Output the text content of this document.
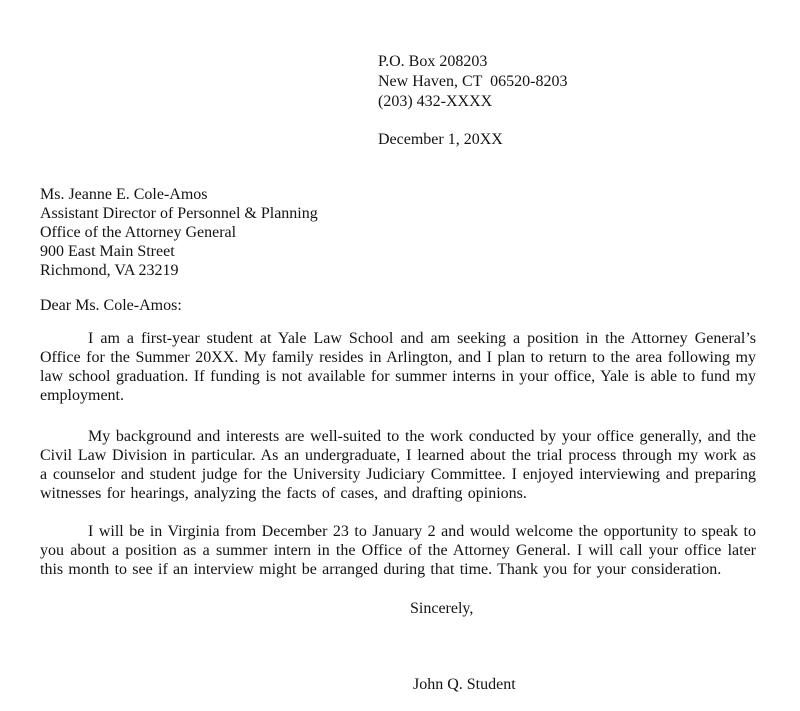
P.O. Box 208203
New Haven, CT  06520-8203
(203) 432-XXXX
December 1, 20XX
Ms. Jeanne E. Cole-Amos
Assistant Director of Personnel & Planning
Office of the Attorney General
900 East Main Street
Richmond, VA 23219
Dear Ms. Cole-Amos:

I am a first-year student at Yale Law School and am seeking a position in the Attorney General’s Office for the Summer 20XX. My family resides in Arlington, and I plan to return to the area following my law school graduation. If funding is not available for summer interns in your office, Yale is able to fund my employment.

My background and interests are well-suited to the work conducted by your office generally, and the Civil Law Division in particular. As an undergraduate, I learned about the trial process through my work as a counselor and student judge for the University Judiciary Committee. I enjoyed interviewing and preparing witnesses for hearings, analyzing the facts of cases, and drafting opinions.

I will be in Virginia from December 23 to January 2 and would welcome the opportunity to speak to you about a position as a summer intern in the Office of the Attorney General. I will call your office later this month to see if an interview might be arranged during that time. Thank you for your consideration.

Sincerely,
John Q. Student
